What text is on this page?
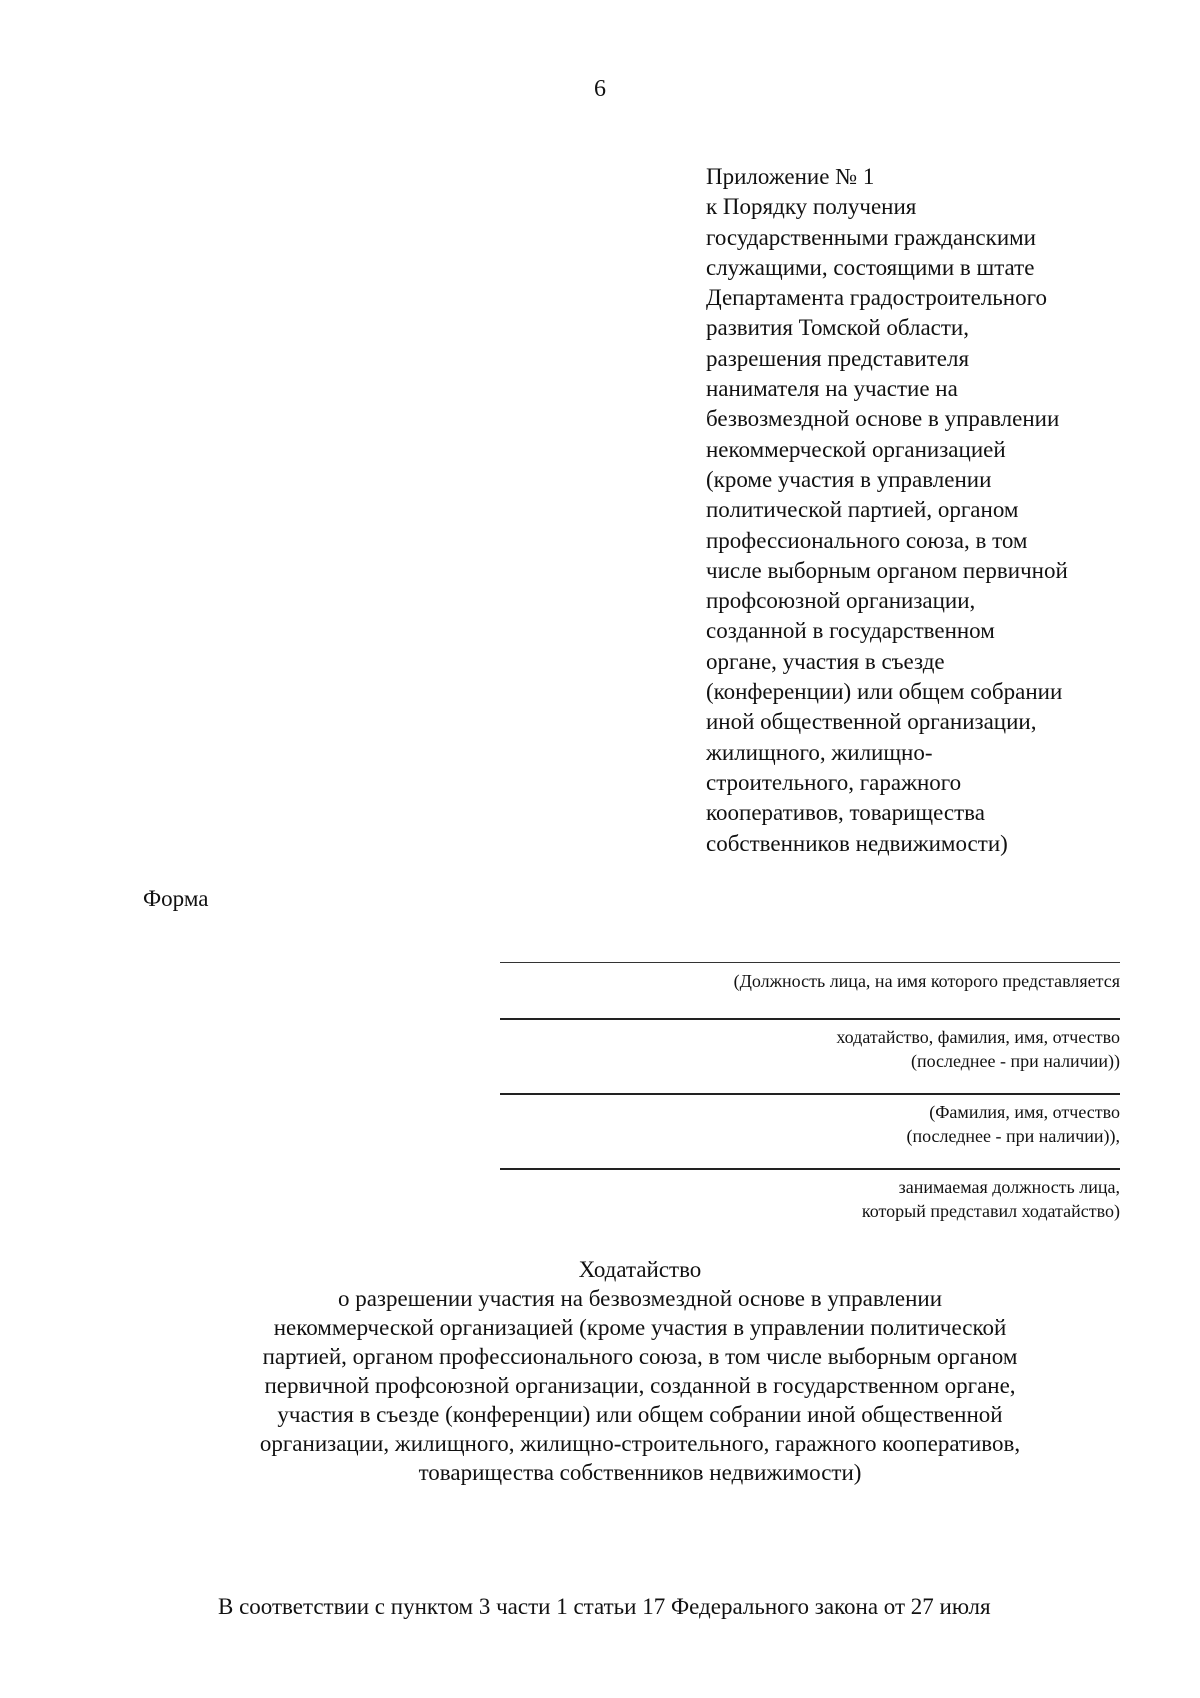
6
Приложение № 1
к Порядку получения
государственными гражданскими
служащими, состоящими в штате
Департамента градостроительного
развития Томской области,
разрешения представителя
нанимателя на участие на
безвозмездной основе в управлении
некоммерческой организацией
(кроме участия в управлении
политической партией, органом
профессионального союза, в том
числе выборным органом первичной
профсоюзной организации,
созданной в государственном
органе, участия в съезде
(конференции) или общем собрании
иной общественной организации,
жилищного, жилищно-
строительного, гаражного
кооперативов, товарищества
собственников недвижимости)
Форма
(Должность лица, на имя которого представляется
ходатайство, фамилия, имя, отчество
(последнее - при наличии))
(Фамилия, имя, отчество
(последнее - при наличии)),
занимаемая должность лица,
который представил ходатайство)
Ходатайство
о разрешении участия на безвозмездной основе в управлении
некоммерческой организацией (кроме участия в управлении политической
партией, органом профессионального союза, в том числе выборным органом
первичной профсоюзной организации, созданной в государственном органе,
участия в съезде (конференции) или общем собрании иной общественной
организации, жилищного, жилищно-строительного, гаражного кооперативов,
товарищества собственников недвижимости)
В соответствии с пунктом 3 части 1 статьи 17 Федерального закона от 27 июля
